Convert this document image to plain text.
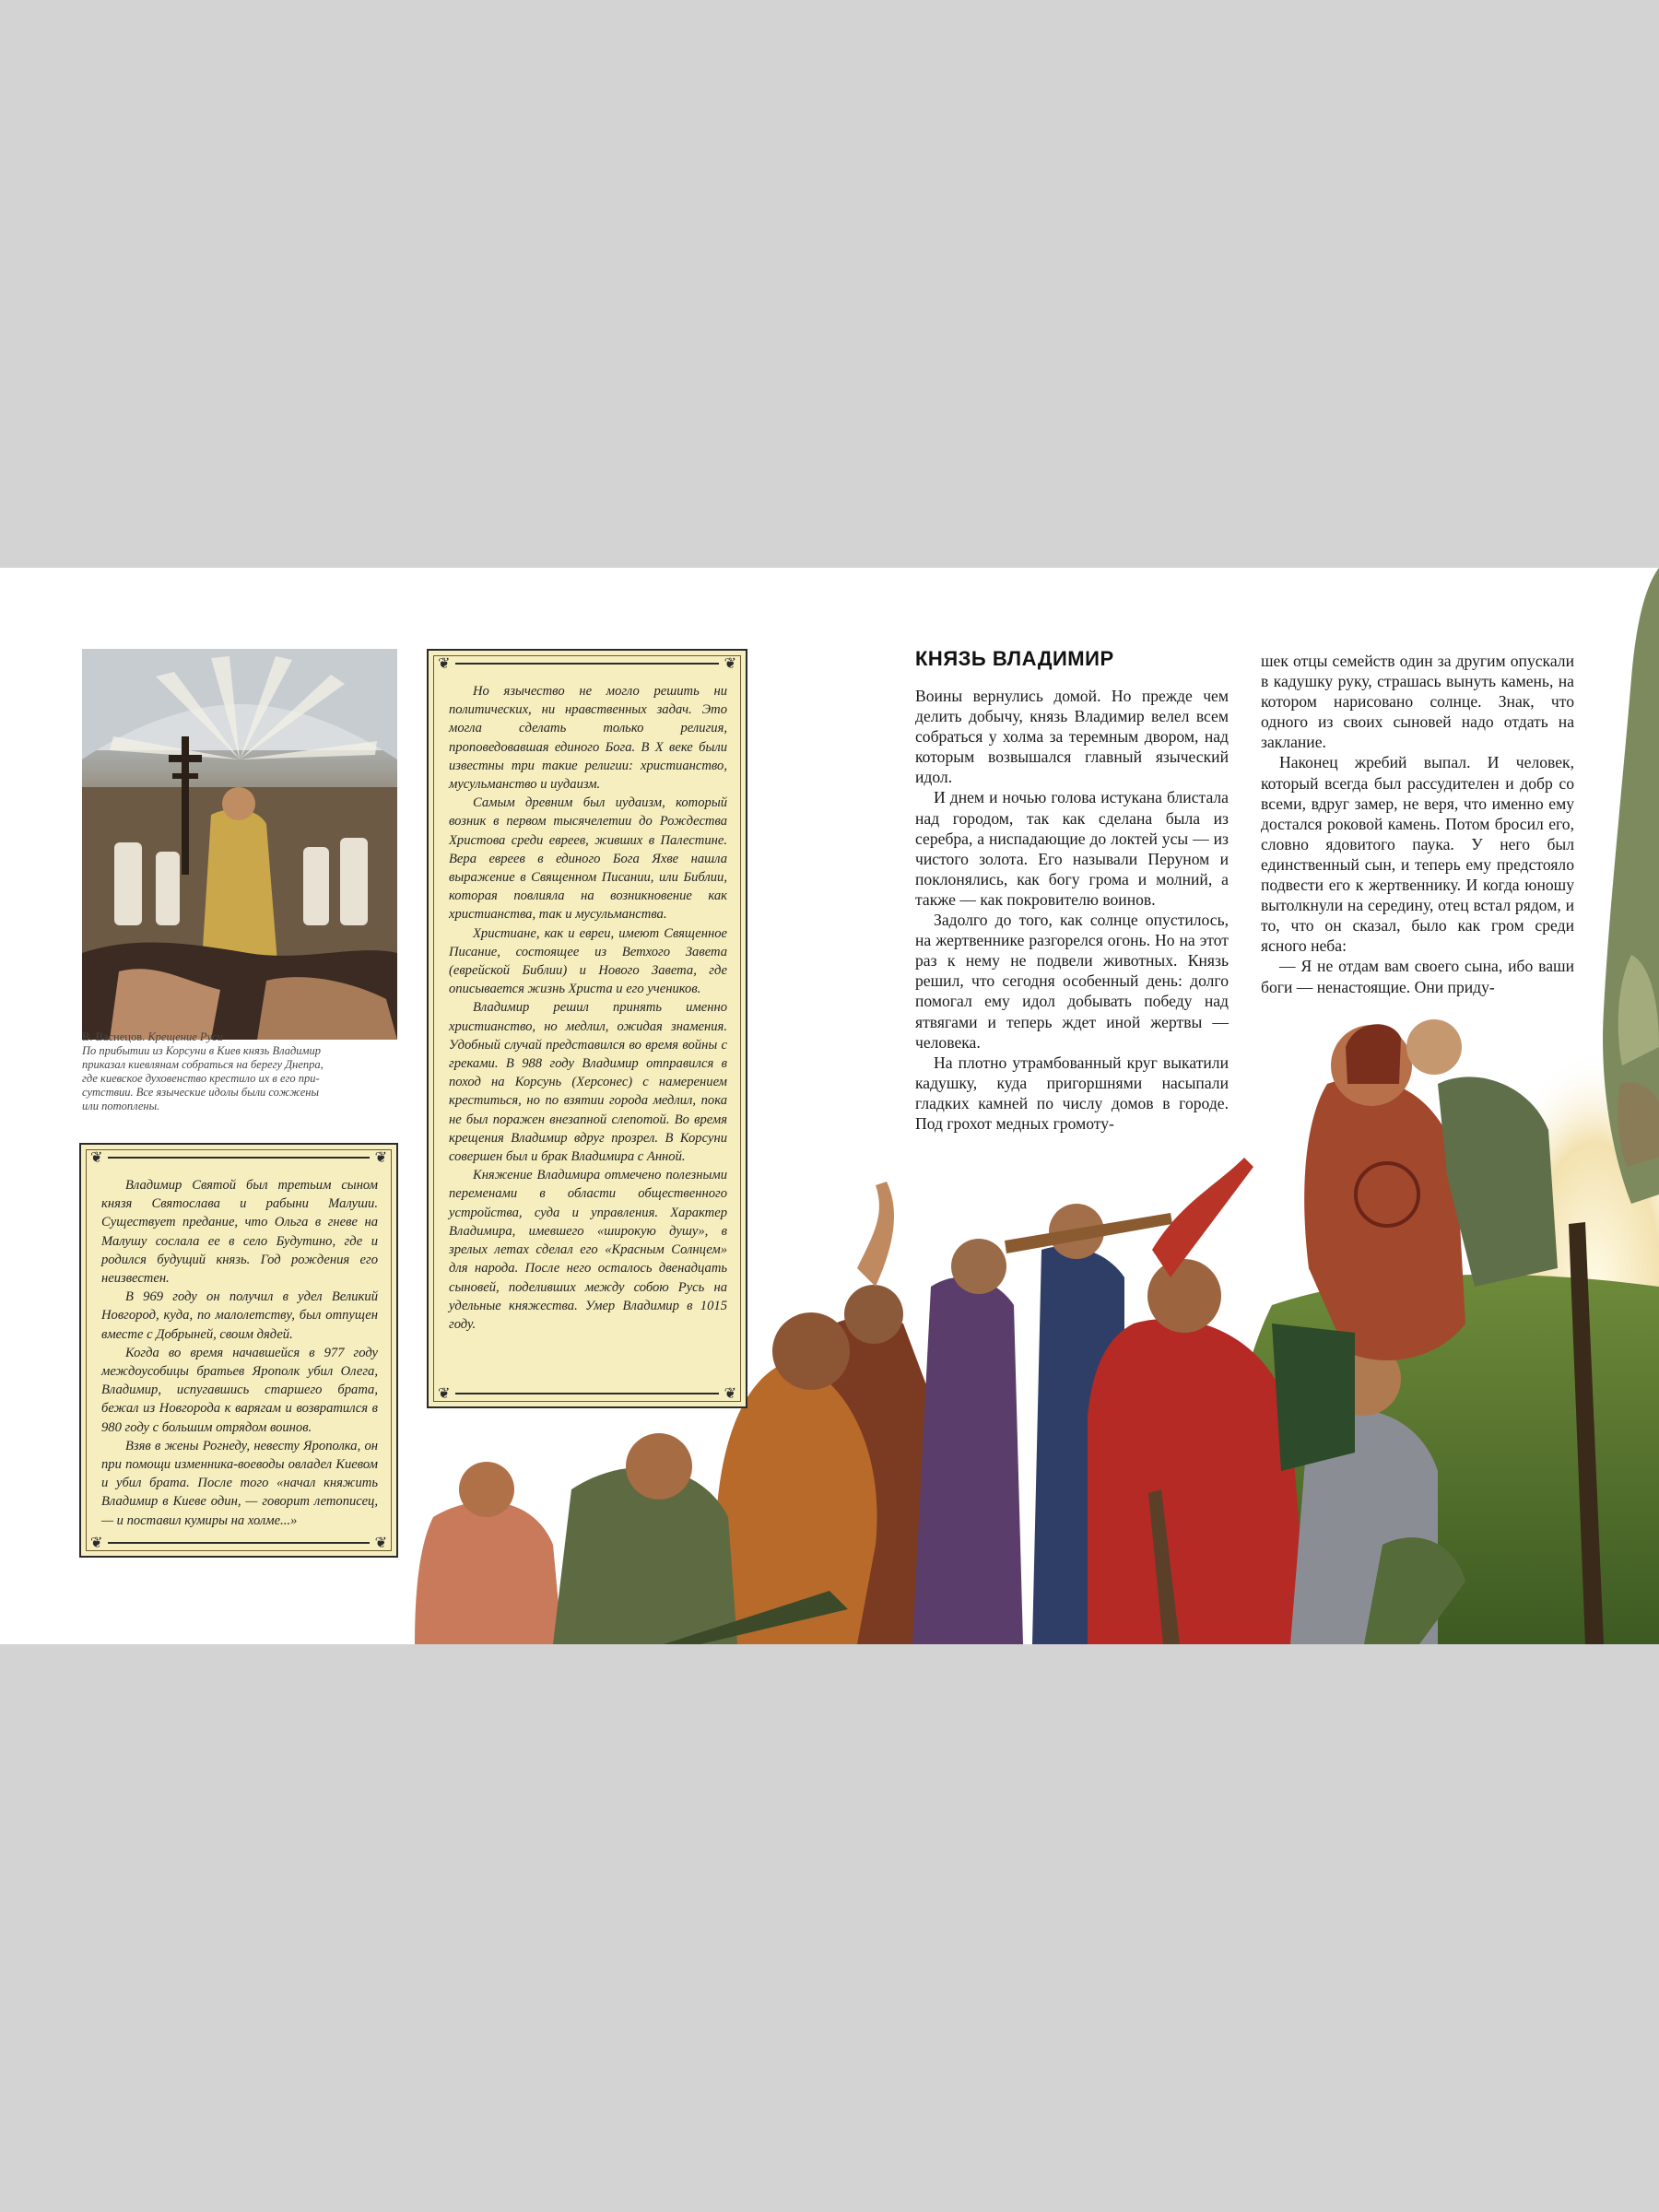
В. Васнецов. Крещение Руси

По прибытии из Корсуни в Киев князь Владимир

приказал киевлянам собраться на берегу Днепра,

где киевское духовенство крестило их в его при-

сутствии. Все языческие идолы были сожжены

или потоплены.

❦	❦

Владимир Святой был третьим сыном князя Святослава и рабыни Малуши. Существует предание, что Ольга в гневе на Малушу сослала ее в село Будутино, где и родился будущий князь. Год рождения его неизвестен.

В 969 году он получил в удел Великий Новгород, куда, по малолетству, был отпущен вместе с Добрыней, своим дядей.

Когда во время начавшейся в 977 году междоусобицы братьев Ярополк убил Олега, Владимир, испугавшись старшего брата, бежал из Новгорода к варягам и возвратился в 980 году с большим отрядом воинов.

Взяв в жены Рогнеду, невесту Ярополка, он при помощи изменника-воеводы овладел Киевом и убил брата. После того «начал княжить Владимир в Киеве один, — говорит летописец, — и поставил кумиры на холме...»

❦	❦
❦	❦

Но язычество не могло решить ни политических, ни нравственных задач. Это могла сделать только религия, проповедовавшая единого Бога. В X веке были известны три такие религии: христианство, мусульманство и иудаизм.

Самым древним был иудаизм, который возник в первом тысячелетии до Рождества Христова среди евреев, живших в Палестине. Вера евреев в единого Бога Яхве нашла выражение в Священном Писании, или Библии, которая повлияла на возникновение как христианства, так и мусульманства.

Христиане, как и евреи, имеют Священное Писание, состоящее из Ветхого Завета (еврейской Библии) и Нового Завета, где описывается жизнь Христа и его учеников.

Владимир решил принять именно христианство, но медлил, ожидая знамения. Удобный случай представился во время войны с греками. В 988 году Владимир отправился в поход на Корсунь (Херсонес) с намерением креститься, но по взятии города медлил, пока не был поражен внезапной слепотой. Во время крещения Владимир вдруг прозрел. В Корсуни совершен был и брак Владимира с Анной.

Княжение Владимира отмечено полезными переменами в области общественного устройства, суда и управления. Характер Владимира, имевшего «широкую душу», в зрелых летах сделал его «Красным Солнцем» для народа. После него осталось двенадцать сыновей, поделивших между собою Русь на удельные княжества. Умер Владимир в 1015 году.

❦	❦
КНЯЗЬ ВЛАДИМИР

Воины вернулись домой. Но прежде чем делить добычу, князь Владимир велел всем собраться у холма за теремным двором, над которым возвышался главный языческий идол.

И днем и ночью голова истукана блистала над городом, так как сделана была из серебра, а ниспадающие до локтей усы — из чистого золота. Его называли Перуном и поклонялись, как богу грома и молний, а также — как покровителю воинов.

Задолго до того, как солнце опустилось, на жертвеннике разгорелся огонь. Но на этот раз к нему не подвели животных. Князь решил, что сегодня особенный день: долго помогал ему идол добывать победу над ятвягами и теперь ждет иной жертвы — человека.

На плотно утрамбованный круг выкатили кадушку, куда пригоршнями насыпали гладких камней по числу домов в городе. Под грохот медных громоту-

шек отцы семейств один за другим опускали в кадушку руку, страшась вынуть камень, на котором нарисовано солнце. Знак, что одного из своих сыновей надо отдать на заклание.

Наконец жребий выпал. И человек, который всегда был рассудителен и добр со всеми, вдруг замер, не веря, что именно ему достался роковой камень. Потом бросил его, словно ядовитого паука. У него был единственный сын, и теперь ему предстояло подвести его к жертвеннику. И когда юношу вытолкнули на середину, отец встал рядом, и то, что он сказал, было как гром среди ясного неба:

— Я не отдам вам своего сына, ибо ваши боги — ненастоящие. Они приду-
